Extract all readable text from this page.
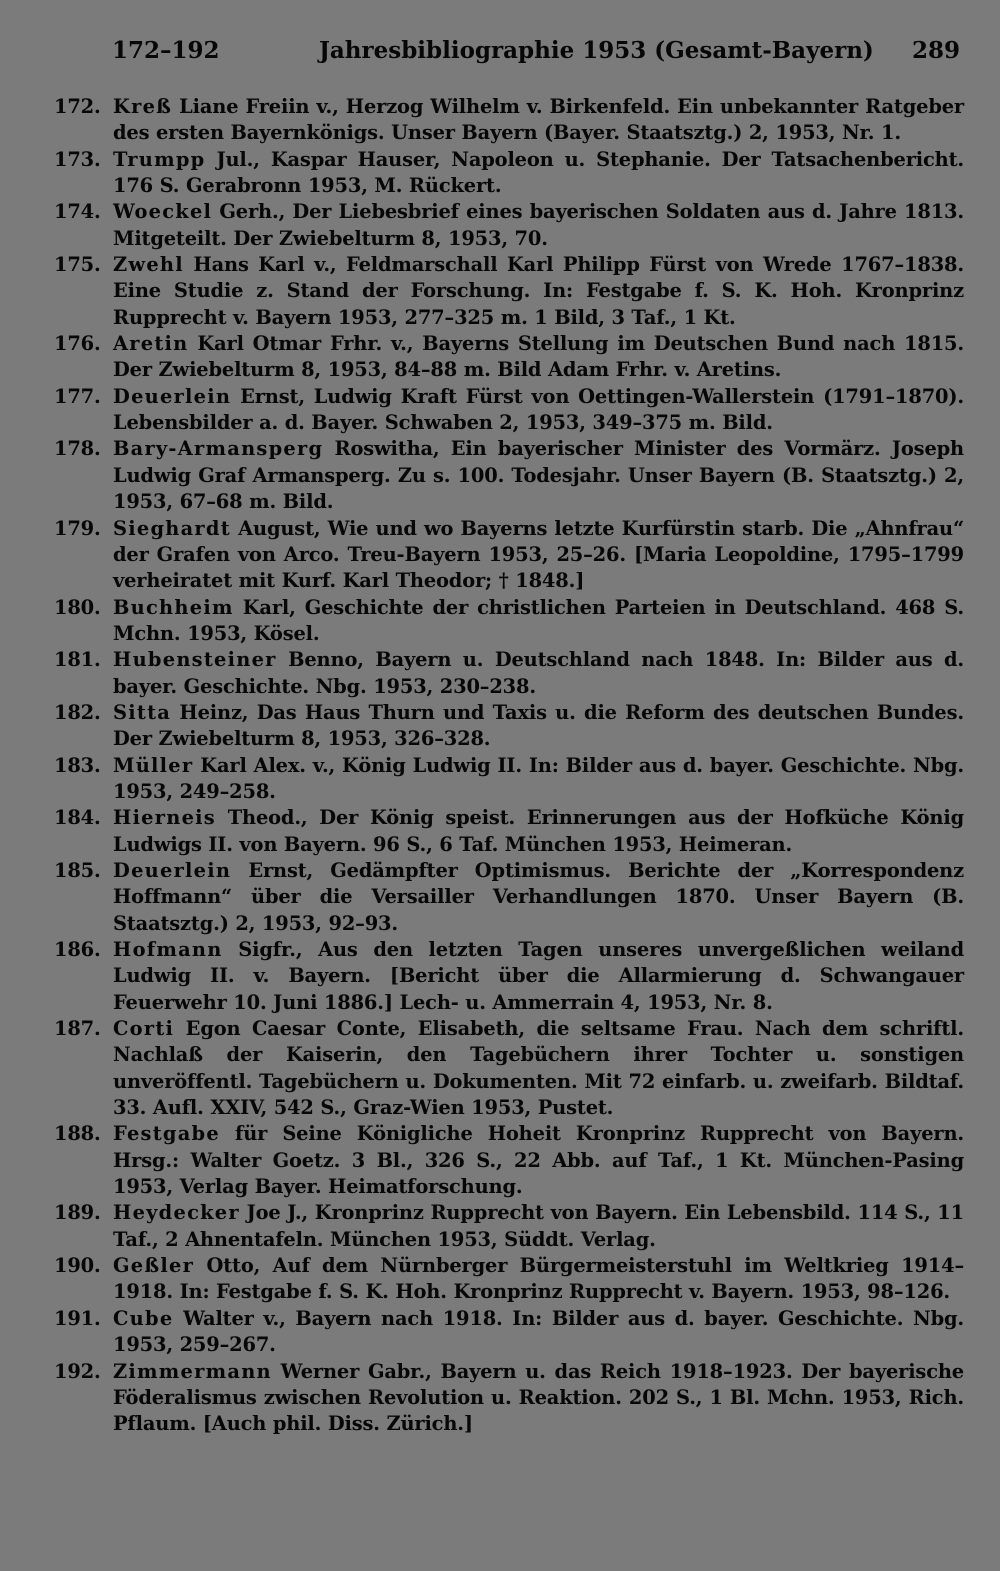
172–192	Jahresbibliographie 1953 (Gesamt-Bayern) 289
172. Kreß Liane Freiin v., Herzog Wilhelm v. Birkenfeld. Ein unbekannter Ratgeber des ersten Bayernkönigs. Unser Bayern (Bayer. Staatsztg.) 2, 1953, Nr. 1.
173. Trumpp Jul., Kaspar Hauser, Napoleon u. Stephanie. Der Tatsachenbericht. 176 S. Gerabronn 1953, M. Rückert.
174. Woeckel Gerh., Der Liebesbrief eines bayerischen Soldaten aus d. Jahre 1813. Mitgeteilt. Der Zwiebelturm 8, 1953, 70.
175. Zwehl Hans Karl v., Feldmarschall Karl Philipp Fürst von Wrede 1767–1838. Eine Studie z. Stand der Forschung. In: Festgabe f. S. K. Hoh. Kronprinz Rupprecht v. Bayern 1953, 277–325 m. 1 Bild, 3 Taf., 1 Kt.
176. Aretin Karl Otmar Frhr. v., Bayerns Stellung im Deutschen Bund nach 1815. Der Zwiebelturm 8, 1953, 84–88 m. Bild Adam Frhr. v. Aretins.
177. Deuerlein Ernst, Ludwig Kraft Fürst von Oettingen-Wallerstein (1791–1870). Lebensbilder a. d. Bayer. Schwaben 2, 1953, 349–375 m. Bild.
178. Bary-Armansperg Roswitha, Ein bayerischer Minister des Vormärz. Joseph Ludwig Graf Armansperg. Zu s. 100. Todesjahr. Unser Bayern (B. Staatsztg.) 2, 1953, 67–68 m. Bild.
179. Sieghardt August, Wie und wo Bayerns letzte Kurfürstin starb. Die „Ahnfrau“ der Grafen von Arco. Treu-Bayern 1953, 25–26. [Maria Leopoldine, 1795–1799 verheiratet mit Kurf. Karl Theodor; † 1848.]
180. Buchheim Karl, Geschichte der christlichen Parteien in Deutschland. 468 S. Mchn. 1953, Kösel.
181. Hubensteiner Benno, Bayern u. Deutschland nach 1848. In: Bilder aus d. bayer. Geschichte. Nbg. 1953, 230–238.
182. Sitta Heinz, Das Haus Thurn und Taxis u. die Reform des deutschen Bundes. Der Zwiebelturm 8, 1953, 326–328.
183. Müller Karl Alex. v., König Ludwig II. In: Bilder aus d. bayer. Geschichte. Nbg. 1953, 249–258.
184. Hierneis Theod., Der König speist. Erinnerungen aus der Hofküche König Ludwigs II. von Bayern. 96 S., 6 Taf. München 1953, Heimeran.
185. Deuerlein Ernst, Gedämpfter Optimismus. Berichte der „Korrespondenz Hoffmann“ über die Versailler Verhandlungen 1870. Unser Bayern (B. Staatsztg.) 2, 1953, 92–93.
186. Hofmann Sigfr., Aus den letzten Tagen unseres unvergeßlichen weiland Ludwig II. v. Bayern. [Bericht über die Allarmierung d. Schwangauer Feuerwehr 10. Juni 1886.] Lech- u. Ammerrain 4, 1953, Nr. 8.
187. Corti Egon Caesar Conte, Elisabeth, die seltsame Frau. Nach dem schriftl. Nachlaß der Kaiserin, den Tagebüchern ihrer Tochter u. sonstigen unveröffentl. Tagebüchern u. Dokumenten. Mit 72 einfarb. u. zweifarb. Bildtaf. 33. Aufl. XXIV, 542 S., Graz-Wien 1953, Pustet.
188. Festgabe für Seine Königliche Hoheit Kronprinz Rupprecht von Bayern. Hrsg.: Walter Goetz. 3 Bl., 326 S., 22 Abb. auf Taf., 1 Kt. München-Pasing 1953, Verlag Bayer. Heimatforschung.
189. Heydecker Joe J., Kronprinz Rupprecht von Bayern. Ein Lebensbild. 114 S., 11 Taf., 2 Ahnentafeln. München 1953, Süddt. Verlag.
190. Geßler Otto, Auf dem Nürnberger Bürgermeisterstuhl im Weltkrieg 1914–1918. In: Festgabe f. S. K. Hoh. Kronprinz Rupprecht v. Bayern. 1953, 98–126.
191. Cube Walter v., Bayern nach 1918. In: Bilder aus d. bayer. Geschichte. Nbg. 1953, 259–267.
192. Zimmermann Werner Gabr., Bayern u. das Reich 1918–1923. Der bayerische Föderalismus zwischen Revolution u. Reaktion. 202 S., 1 Bl. Mchn. 1953, Rich. Pflaum. [Auch phil. Diss. Zürich.]
